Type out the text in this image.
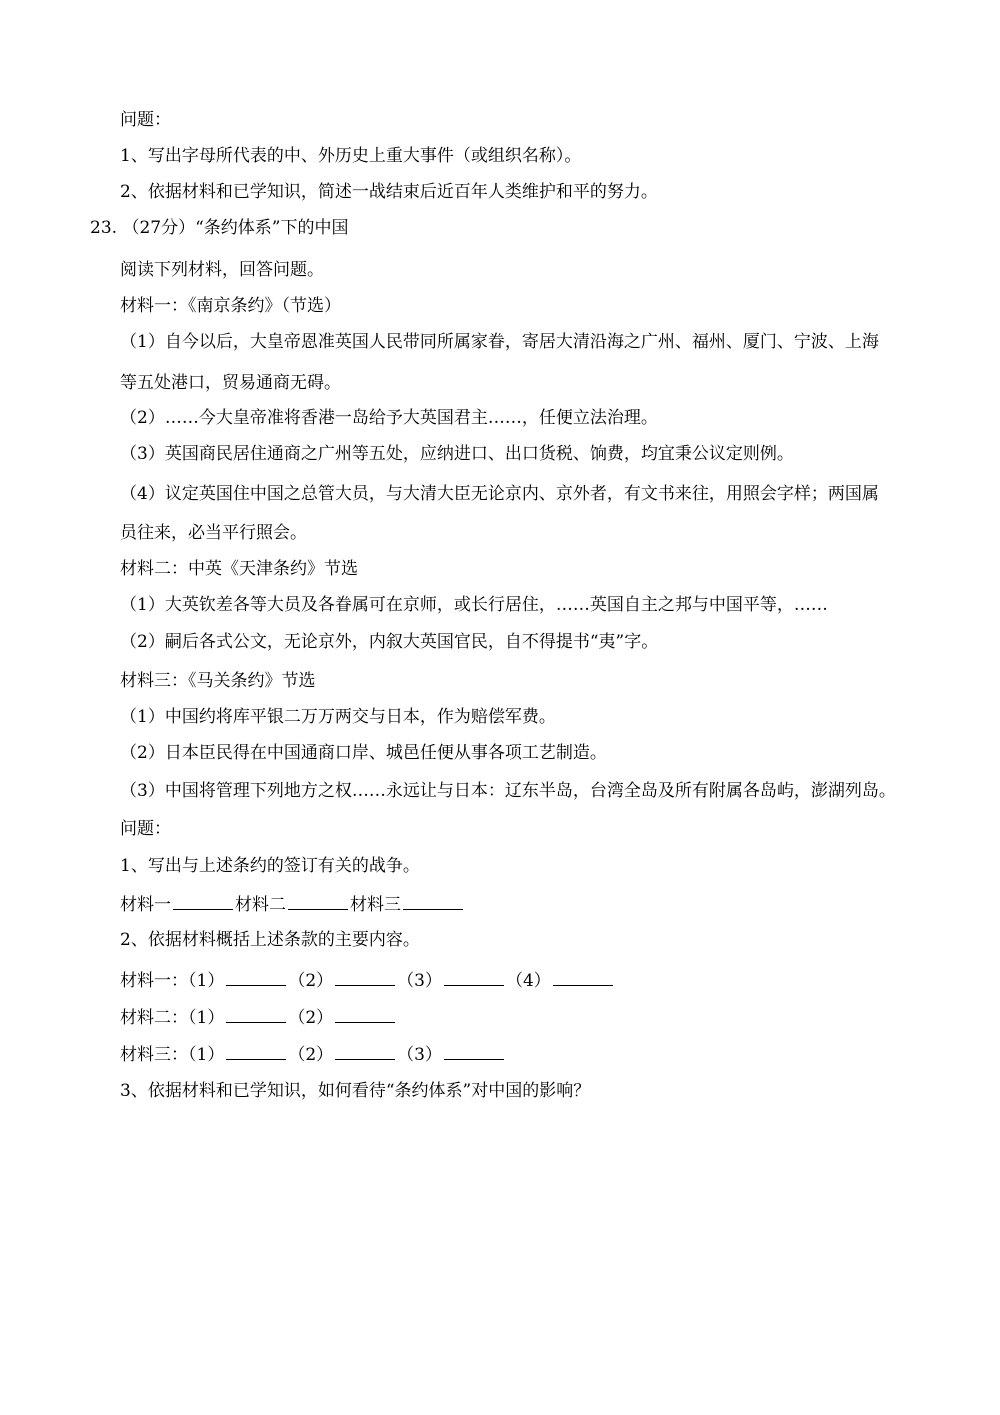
问题：
1、写出字母所代表的中、外历史上重大事件（或组织名称）。
2、依据材料和已学知识，简述一战结束后近百年人类维护和平的努力。
23. （27分）“条约体系”下的中国
阅读下列材料，回答问题。
材料一：《南京条约》（节选）
（1）自今以后，大皇帝恩准英国人民带同所属家眷，寄居大清沿海之广州、福州、厦门、宁波、上海
等五处港口，贸易通商无碍。
（2）……今大皇帝准将香港一岛给予大英国君主……，任便立法治理。
（3）英国商民居住通商之广州等五处，应纳进口、出口货税、饷费，均宜秉公议定则例。
（4）议定英国住中国之总管大员，与大清大臣无论京内、京外者，有文书来往，用照会字样；两国属
员往来，必当平行照会。
材料二：中英《天津条约》节选
（1）大英钦差各等大员及各眷属可在京师，或长行居住，……英国自主之邦与中国平等，……
（2）嗣后各式公文，无论京外，内叙大英国官民，自不得提书“夷”字。
材料三：《马关条约》节选
（1）中国约将库平银二万万两交与日本，作为赔偿军费。
（2）日本臣民得在中国通商口岸、城邑任便从事各项工艺制造。
（3）中国将管理下列地方之权……永远让与日本：辽东半岛，台湾全岛及所有附属各岛屿，澎湖列岛。
问题：
1、写出与上述条约的签订有关的战争。
材料一	材料二	材料三
2、依据材料概括上述条款的主要内容。
材料一：（1）	（2）	（3）	（4）
材料二：（1）	（2）
材料三：（1）	（2）	（3）
3、依据材料和已学知识，如何看待“条约体系”对中国的影响？
